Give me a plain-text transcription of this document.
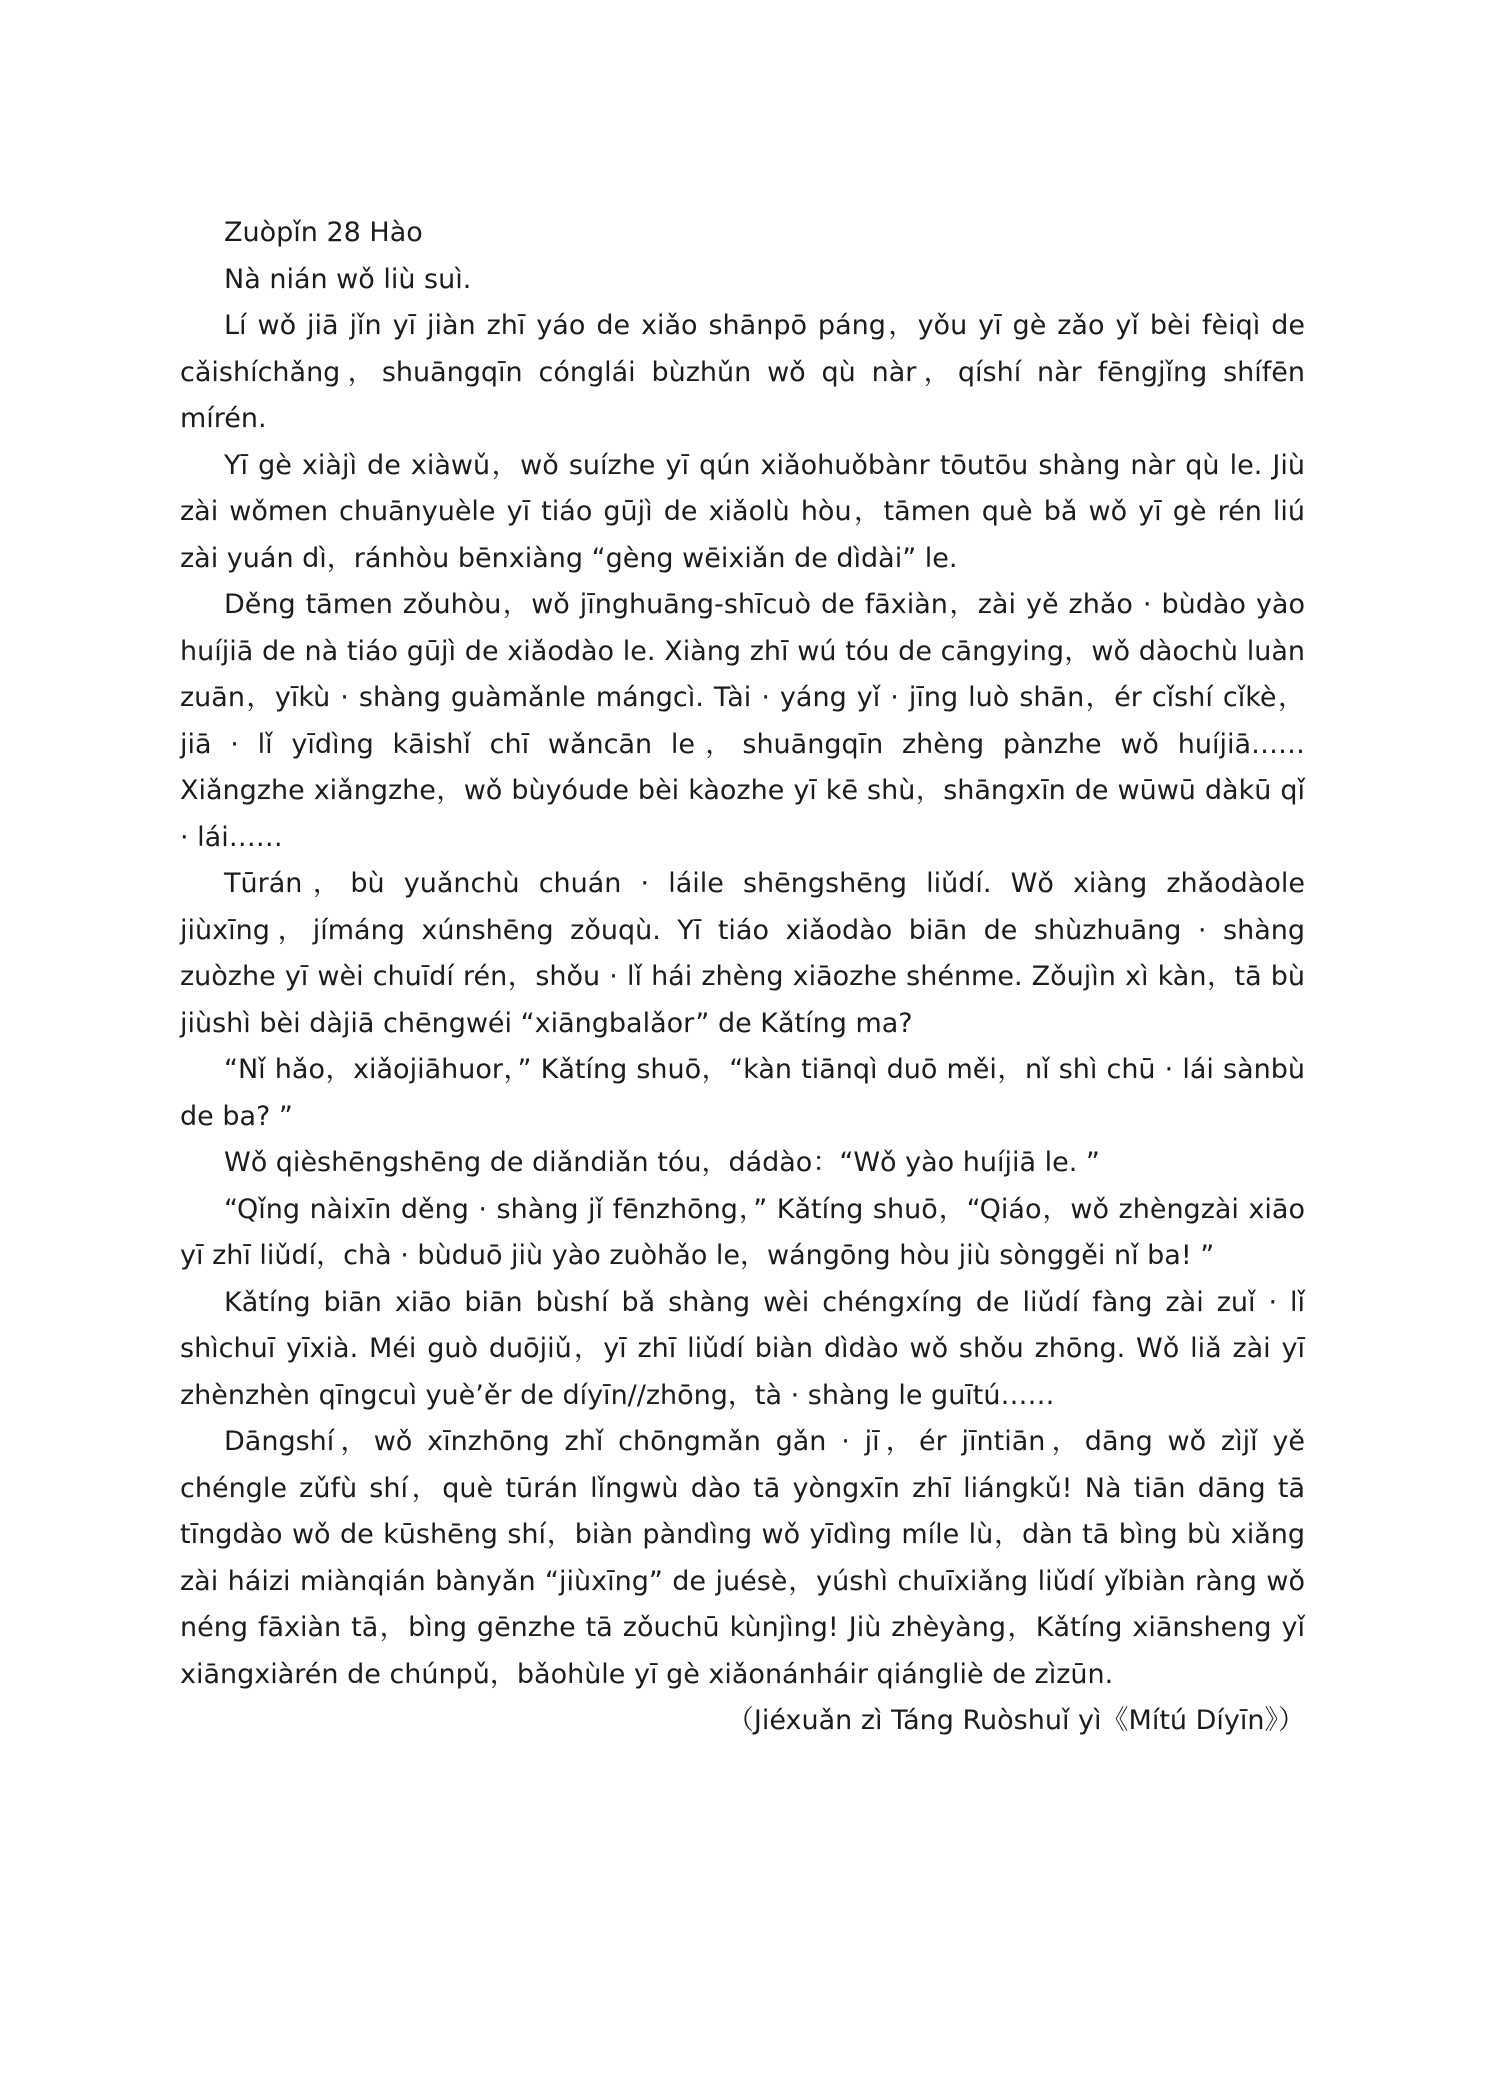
Zuòpǐn 28 Hào

Nà nián wǒ liù suì.

Lí wǒ jiā jǐn yī jiàn zhī yáo de xiǎo shānpō páng，yǒu yī gè zǎo yǐ bèi fèiqì de cǎishíchǎng，shuāngqīn cónglái bùzhǔn wǒ qù nàr，qíshí nàr fēngjǐng shífēn mírén.

Yī gè xiàjì de xiàwǔ，wǒ suízhe yī qún xiǎohuǒbànr tōutōu shàng nàr qù le. Jiù zài wǒmen chuānyuèle yī tiáo gūjì de xiǎolù hòu，tāmen què bǎ wǒ yī gè rén liú zài yuán dì，ránhòu bēnxiàng “gèng wēixiǎn de dìdài” le.

Děng tāmen zǒuhòu，wǒ jīnghuāng-shīcuò de fāxiàn，zài yě zhǎo · bùdào yào huíjiā de nà tiáo gūjì de xiǎodào le. Xiàng zhī wú tóu de cāngying，wǒ dàochù luàn zuān，yīkù · shàng guàmǎnle mángcì. Tài · yáng yǐ · jīng luò shān，ér cǐshí cǐkè，jiā · lǐ yīdìng kāishǐ chī wǎncān le，shuāngqīn zhèng pànzhe wǒ huíjiā…… Xiǎngzhe xiǎngzhe，wǒ bùyóude bèi kàozhe yī kē shù，shāngxīn de wūwū dàkū qǐ · lái……

Tūrán，bù yuǎnchù chuán · láile shēngshēng liǔdí. Wǒ xiàng zhǎodàole jiùxīng，jímáng xúnshēng zǒuqù. Yī tiáo xiǎodào biān de shùzhuāng · shàng zuòzhe yī wèi chuīdí rén，shǒu · lǐ hái zhèng xiāozhe shénme. Zǒujìn xì kàn，tā bù jiùshì bèi dàjiā chēngwéi “xiāngbalǎor” de Kǎtíng ma?

“Nǐ hǎo，xiǎojiāhuor，” Kǎtíng shuō，“kàn tiānqì duō měi，nǐ shì chū · lái sànbù de ba? ”

Wǒ qièshēngshēng de diǎndiǎn tóu，dádào：“Wǒ yào huíjiā le. ”

“Qǐng nàixīn děng · shàng jǐ fēnzhōng，” Kǎtíng shuō，“Qiáo，wǒ zhèngzài xiāo yī zhī liǔdí，chà · bùduō jiù yào zuòhǎo le，wángōng hòu jiù sònggěi nǐ ba! ”

Kǎtíng biān xiāo biān bùshí bǎ shàng wèi chéngxíng de liǔdí fàng zài zuǐ · lǐ shìchuī yīxià. Méi guò duōjiǔ，yī zhī liǔdí biàn dìdào wǒ shǒu zhōng. Wǒ liǎ zài yī zhènzhèn qīngcuì yuè’ěr de díyīn//zhōng，tà · shàng le guītú……

Dāngshí，wǒ xīnzhōng zhǐ chōngmǎn gǎn · jī，ér jīntiān，dāng wǒ zìjǐ yě chéngle zǔfù shí，què tūrán lǐngwù dào tā yòngxīn zhī liángkǔ! Nà tiān dāng tā tīngdào wǒ de kūshēng shí，biàn pàndìng wǒ yīdìng míle lù，dàn tā bìng bù xiǎng zài háizi miànqián bànyǎn “jiùxīng” de juésè，yúshì chuīxiǎng liǔdí yǐbiàn ràng wǒ néng fāxiàn tā，bìng gēnzhe tā zǒuchū kùnjìng! Jiù zhèyàng，Kǎtíng xiānsheng yǐ xiāngxiàrén de chúnpǔ，bǎohùle yī gè xiǎonánháir qiángliè de zìzūn.

（Jiéxuǎn zì Táng Ruòshuǐ yì《Mítú Díyīn》）
